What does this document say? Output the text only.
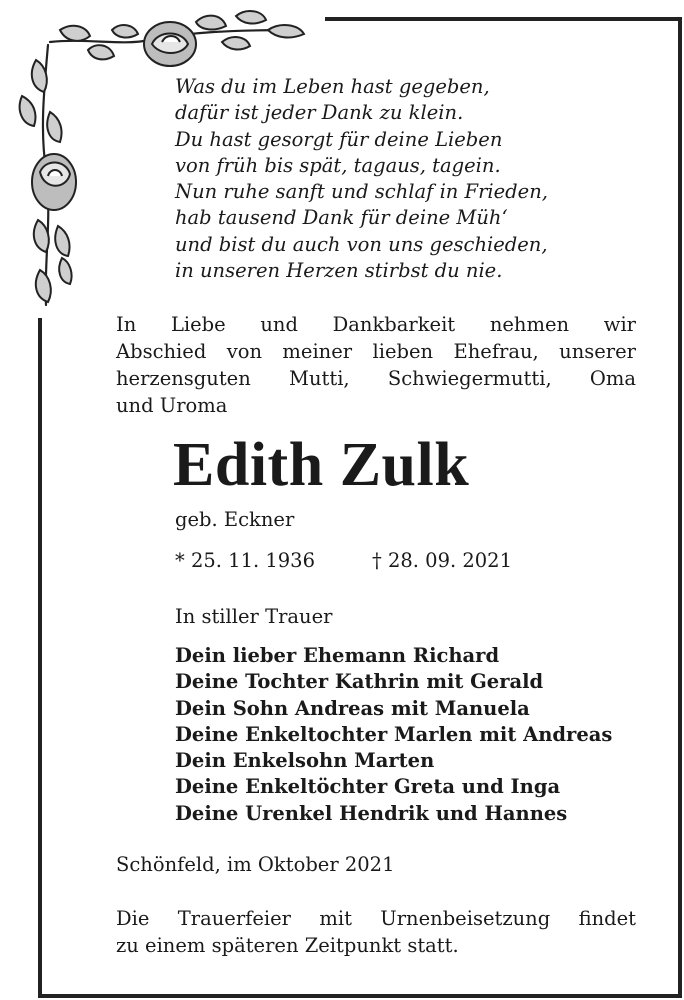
Was du im Leben hast gegeben,
dafür ist jeder Dank zu klein.
Du hast gesorgt für deine Lieben
von früh bis spät, tagaus, tagein.
Nun ruhe sanft und schlaf in Frieden,
hab tausend Dank für deine Müh‘
und bist du auch von uns geschieden,
in unseren Herzen stirbst du nie.
In Liebe und Dankbarkeit nehmen wir
Abschied von meiner lieben Ehefrau, unserer
herzensguten Mutti, Schwiegermutti, Oma
und Uroma
Edith Zulk
geb. Eckner
* 25. 11. 1936	† 28. 09. 2021
In stiller Trauer
Dein lieber Ehemann Richard
Deine Tochter Kathrin mit Gerald
Dein Sohn Andreas mit Manuela
Deine Enkeltochter Marlen mit Andreas
Dein Enkelsohn Marten
Deine Enkeltöchter Greta und Inga
Deine Urenkel Hendrik und Hannes
Schönfeld, im Oktober 2021
Die Trauerfeier mit Urnenbeisetzung findet
zu einem späteren Zeitpunkt statt.
